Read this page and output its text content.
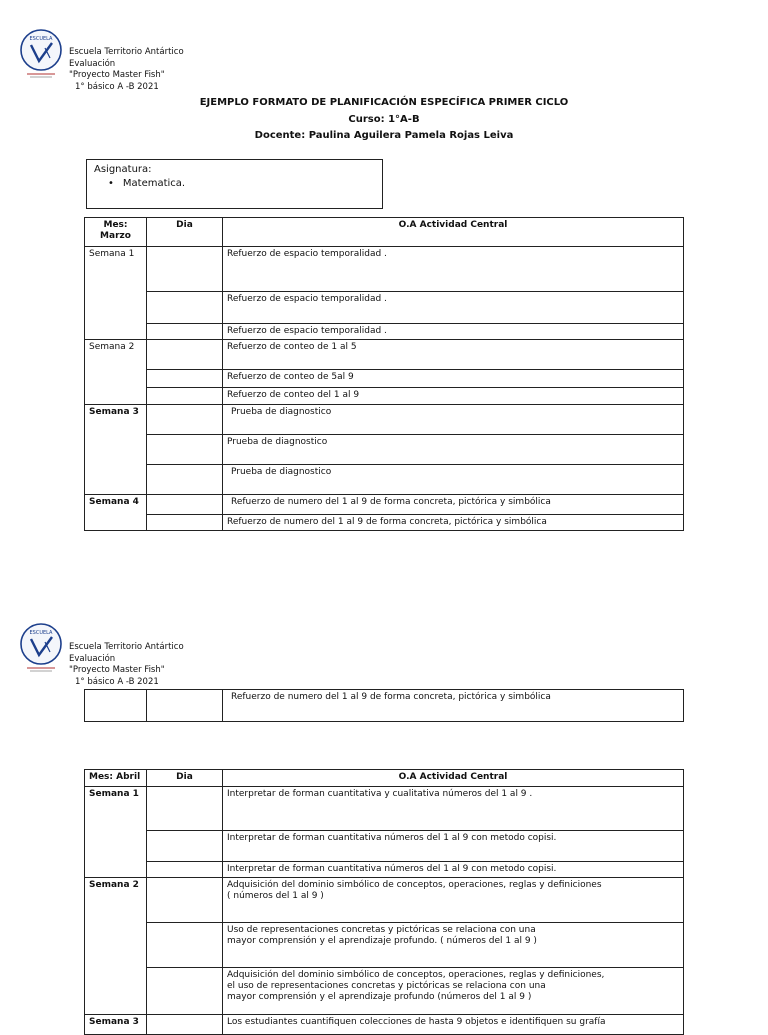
ESCUELA
Escuela Territorio Antártico
Evaluación
"Proyecto Master Fish"
1° básico A -B 2021
EJEMPLO FORMATO DE PLANIFICACIÓN ESPECÍFICA PRIMER CICLO
Curso: 1°A-B
Docente: Paulina Aguilera Pamela Rojas Leiva
Asignatura:
• Matematica.
Mes:
Marzo	Dia	O.A Actividad Central
Semana 1		Refuerzo de espacio temporalidad .
		Refuerzo de espacio temporalidad .
		Refuerzo de espacio temporalidad .
Semana 2		Refuerzo de conteo de 1 al 5
		Refuerzo de conteo de 5al 9
		Refuerzo de conteo del 1 al 9
Semana 3		Prueba de diagnostico
		Prueba de diagnostico
		Prueba de diagnostico
Semana 4		Refuerzo de numero del 1 al 9 de forma concreta, pictórica y simbólica
		Refuerzo de numero del 1 al 9 de forma concreta, pictórica y simbólica
ESCUELA
Escuela Territorio Antártico
Evaluación
"Proyecto Master Fish"
1° básico A -B 2021
		Refuerzo de numero del 1 al 9 de forma concreta, pictórica y simbólica
Mes: Abril	Dia	O.A Actividad Central
Semana 1		Interpretar de forman cuantitativa y cualitativa números del 1 al 9 .
		Interpretar de forman cuantitativa números del 1 al 9 con metodo copisi.
		Interpretar de forman cuantitativa números del 1 al 9 con metodo copisi.
Semana 2		Adquisición del dominio simbólico de conceptos, operaciones, reglas y definiciones
( números del 1 al 9 )
		Uso de representaciones concretas y pictóricas se relaciona con una
mayor comprensión y el aprendizaje profundo. ( números del 1 al 9 )
		Adquisición del dominio simbólico de conceptos, operaciones, reglas y definiciones,
el uso de representaciones concretas y pictóricas se relaciona con una
mayor comprensión y el aprendizaje profundo (números del 1 al 9 )
Semana 3		Los estudiantes cuantifiquen colecciones de hasta 9 objetos e identifiquen su grafía
